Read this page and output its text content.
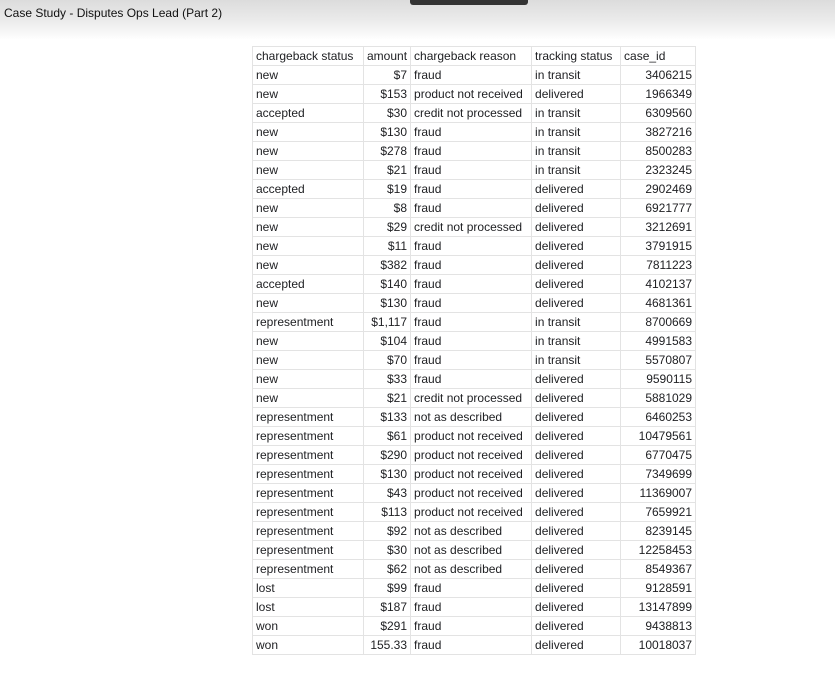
Case Study - Disputes Ops Lead (Part 2)
chargeback status	amount	chargeback reason	tracking status	case_id
new	$7	fraud	in transit	3406215
new	$153	product not received	delivered	1966349
accepted	$30	credit not processed	in transit	6309560
new	$130	fraud	in transit	3827216
new	$278	fraud	in transit	8500283
new	$21	fraud	in transit	2323245
accepted	$19	fraud	delivered	2902469
new	$8	fraud	delivered	6921777
new	$29	credit not processed	delivered	3212691
new	$11	fraud	delivered	3791915
new	$382	fraud	delivered	7811223
accepted	$140	fraud	delivered	4102137
new	$130	fraud	delivered	4681361
representment	$1,117	fraud	in transit	8700669
new	$104	fraud	in transit	4991583
new	$70	fraud	in transit	5570807
new	$33	fraud	delivered	9590115
new	$21	credit not processed	delivered	5881029
representment	$133	not as described	delivered	6460253
representment	$61	product not received	delivered	10479561
representment	$290	product not received	delivered	6770475
representment	$130	product not received	delivered	7349699
representment	$43	product not received	delivered	11369007
representment	$113	product not received	delivered	7659921
representment	$92	not as described	delivered	8239145
representment	$30	not as described	delivered	12258453
representment	$62	not as described	delivered	8549367
lost	$99	fraud	delivered	9128591
lost	$187	fraud	delivered	13147899
won	$291	fraud	delivered	9438813
won	155.33	fraud	delivered	10018037
